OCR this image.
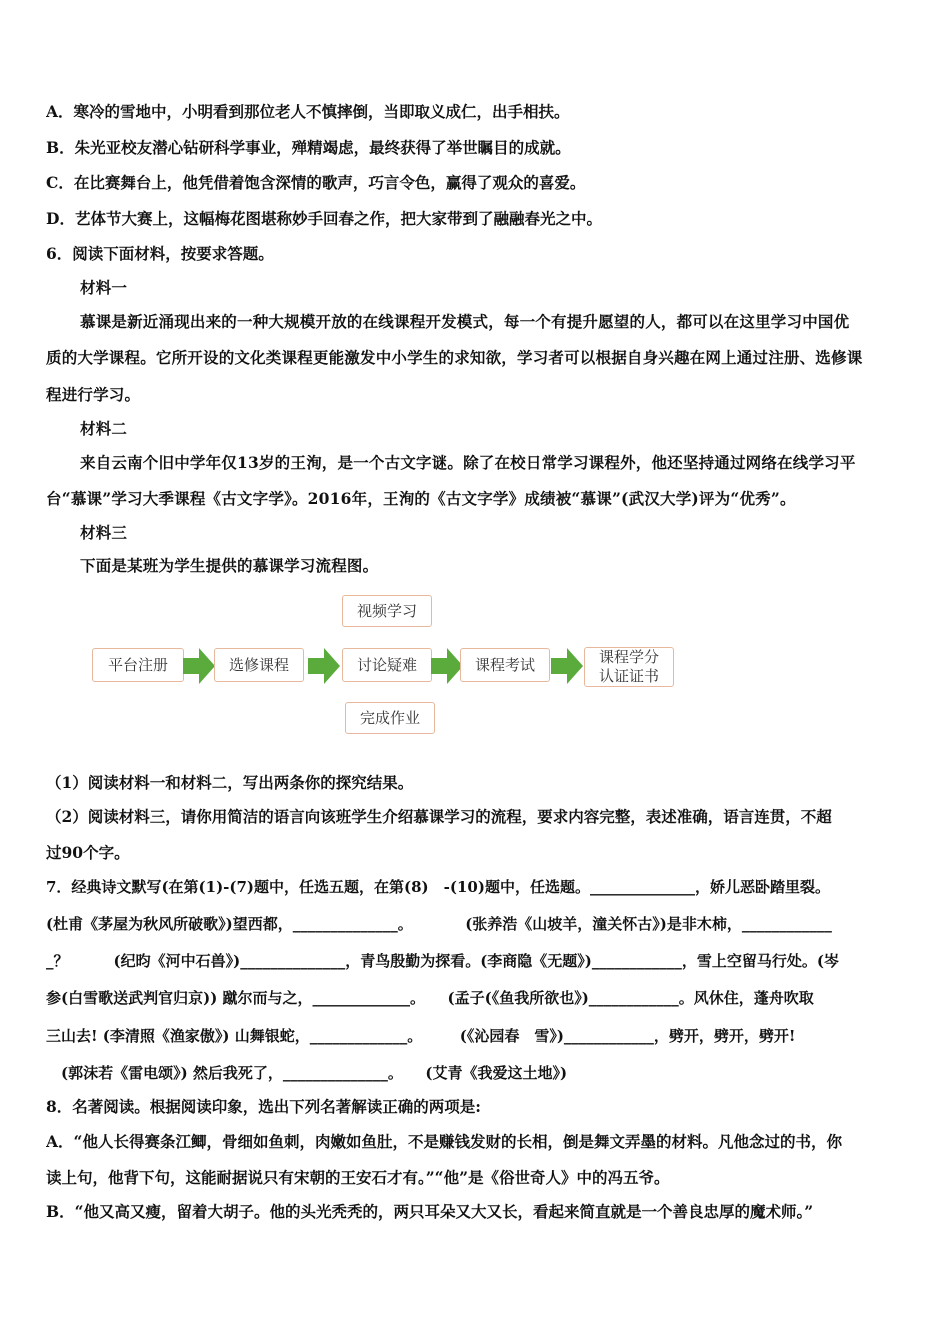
A．寒冷的雪地中，小明看到那位老人不慎摔倒，当即取义成仁，出手相扶。
B．朱光亚校友潜心钻研科学事业，殚精竭虑，最终获得了举世瞩目的成就。
C．在比赛舞台上，他凭借着饱含深情的歌声，巧言令色，赢得了观众的喜爱。
D．艺体节大赛上，这幅梅花图堪称妙手回春之作，把大家带到了融融春光之中。
6．阅读下面材料，按要求答题。
材料一
慕课是新近涌现出来的一种大规模开放的在线课程开发模式，每一个有提升愿望的人，都可以在这里学习中国优
质的大学课程。它所开设的文化类课程更能激发中小学生的求知欲，学习者可以根据自身兴趣在网上通过注册、选修课
程进行学习。
材料二
来自云南个旧中学年仅13岁的王洵，是一个古文字谜。除了在校日常学习课程外，他还坚持通过网络在线学习平
台“慕课”学习大季课程《古文字学》。2016年，王洵的《古文字学》成绩被“慕课”(武汉大学)评为“优秀”。
材料三
下面是某班为学生提供的慕课学习流程图。
视频学习
平台注册	选修课程	讨论疑难	课程考试	课程学分
认证证书
完成作业
（1）阅读材料一和材料二，写出两条你的探究结果。
（2）阅读材料三，请你用简洁的语言向该班学生介绍慕课学习的流程，要求内容完整，表述准确，语言连贯，不超
过90个字。
7．经典诗文默写(在第(1)-(7)题中，任选五题，在第(8)　-(10)题中，任选题。______________，娇儿恶卧踏里裂。
(杜甫《茅屋为秋风所破歌》)望西都，______________。　　　　(张养浩《山坡羊，潼关怀古》)是非木柿，____________
_？　　　(纪昀《河中石兽》)______________，青鸟殷勤为探看。(李商隐《无题》)____________，雪上空留马行处。(岑
参(白雪歌送武判官归京)) 蹴尔而与之，_____________。　　(孟子(《鱼我所欲也》)____________。风休住，蓬舟吹取
三山去! (李清照《渔家傲》) 山舞银蛇，_____________。　　　(《沁园春　雪》)____________，劈开，劈开，劈开!
　(郭沫若《雷电颂》) 然后我死了，______________。　　(艾青《我爱这土地》)
8．名著阅读。根据阅读印象，选出下列名著解读正确的两项是:
A．“他人长得赛条江鲫，骨细如鱼刺，肉嫩如鱼肚，不是赚钱发财的长相，倒是舞文弄墨的材料。凡他念过的书，你
读上句，他背下句，这能耐据说只有宋朝的王安石才有。”“他”是《俗世奇人》中的冯五爷。
B．“他又高又瘦，留着大胡子。他的头光秃秃的，两只耳朵又大又长，看起来简直就是一个善良忠厚的魔术师。”
